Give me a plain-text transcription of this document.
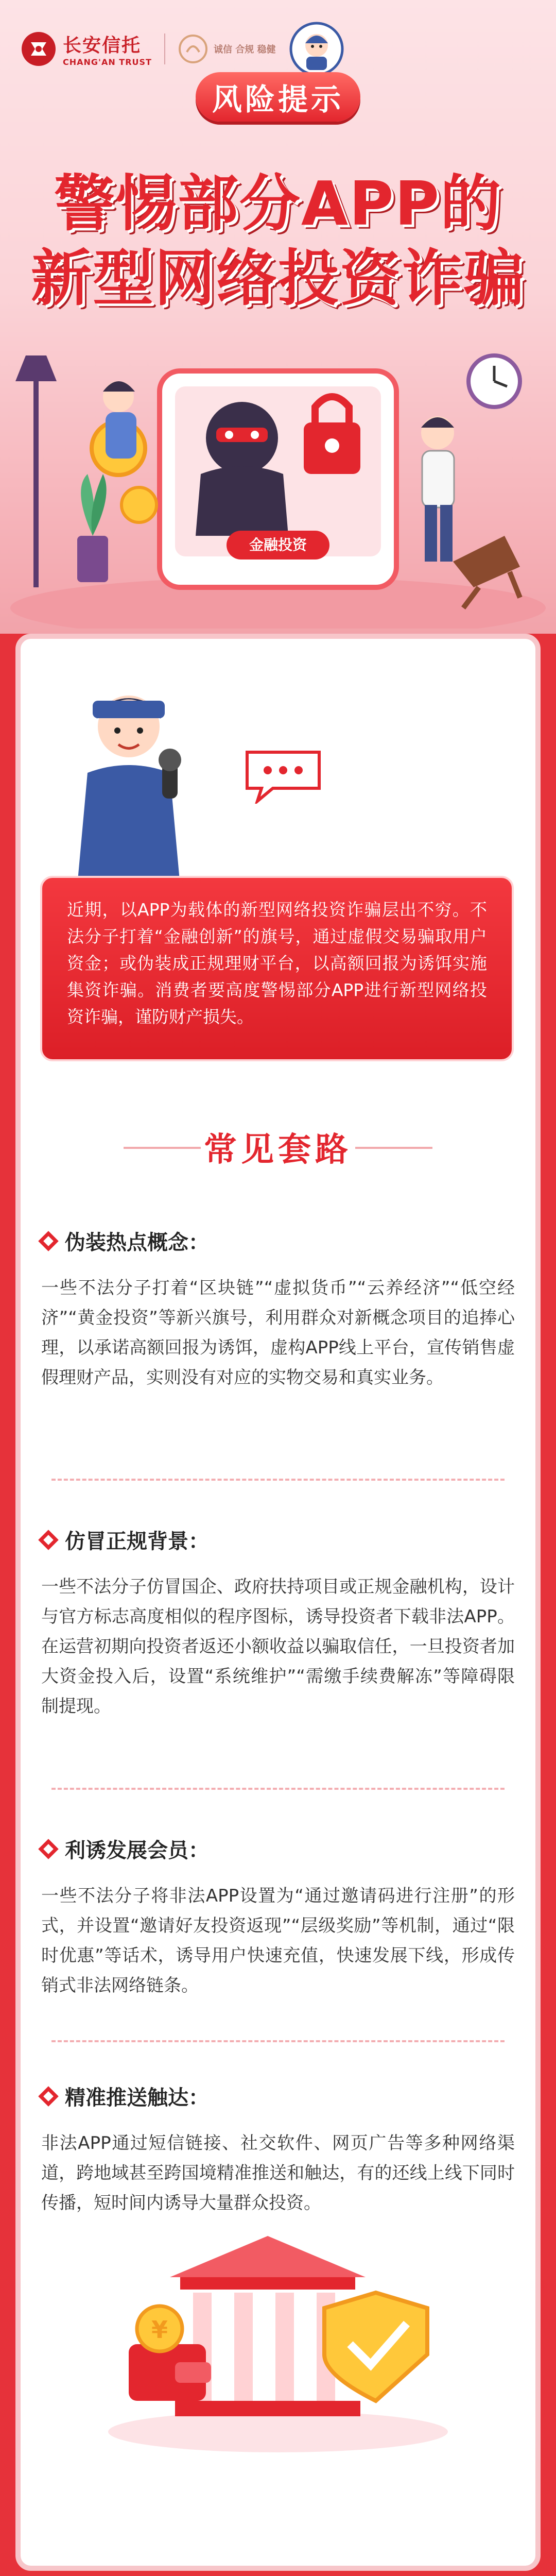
长安信托
CHANG'AN TRUST
诚信 合规 稳健
风险提示
警惕部分APP的
新型网络投资诈骗
金融投资
近期，以APP为载体的新型网络投资诈骗层出不穷。不法分子打着“金融创新”的旗号，通过虚假交易骗取用户资金；或伪装成正规理财平台，以高额回报为诱饵实施集资诈骗。消费者要高度警惕部分APP进行新型网络投资诈骗，谨防财产损失。
常见套路
伪装热点概念：
一些不法分子打着“区块链”“虚拟货币”“云养经济”“低空经济”“黄金投资”等新兴旗号，利用群众对新概念项目的追捧心理，以承诺高额回报为诱饵，虚构APP线上平台，宣传销售虚假理财产品，实则没有对应的实物交易和真实业务。
仿冒正规背景：
一些不法分子仿冒国企、政府扶持项目或正规金融机构，设计与官方标志高度相似的程序图标，诱导投资者下载非法APP。在运营初期向投资者返还小额收益以骗取信任，一旦投资者加大资金投入后，设置“系统维护”“需缴手续费解冻”等障碍限制提现。
利诱发展会员：
一些不法分子将非法APP设置为“通过邀请码进行注册”的形式，并设置“邀请好友投资返现”“层级奖励”等机制，通过“限时优惠”等话术，诱导用户快速充值，快速发展下线，形成传销式非法网络链条。
精准推送触达：
非法APP通过短信链接、社交软件、网页广告等多种网络渠道，跨地域甚至跨国境精准推送和触达，有的还线上线下同时传播，短时间内诱导大量群众投资。
¥
